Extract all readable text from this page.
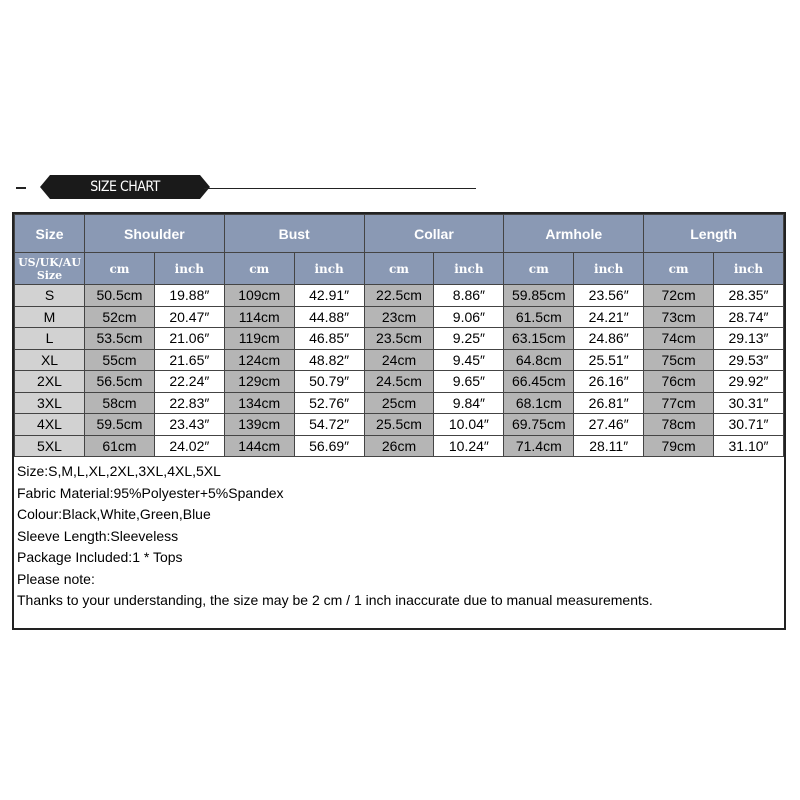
SIZE CHART
Size	Shoulder		Bust		Collar		Armhole		Length	
US/UK/AU Size	cm	inch	cm	inch	cm	inch	cm	inch	cm	inch
S	50.5cm	19.88″	109cm	42.91″	22.5cm	8.86″	59.85cm	23.56″	72cm	28.35″
M	52cm	20.47″	114cm	44.88″	23cm	9.06″	61.5cm	24.21″	73cm	28.74″
L	53.5cm	21.06″	119cm	46.85″	23.5cm	9.25″	63.15cm	24.86″	74cm	29.13″
XL	55cm	21.65″	124cm	48.82″	24cm	9.45″	64.8cm	25.51″	75cm	29.53″
2XL	56.5cm	22.24″	129cm	50.79″	24.5cm	9.65″	66.45cm	26.16″	76cm	29.92″
3XL	58cm	22.83″	134cm	52.76″	25cm	9.84″	68.1cm	26.81″	77cm	30.31″
4XL	59.5cm	23.43″	139cm	54.72″	25.5cm	10.04″	69.75cm	27.46″	78cm	30.71″
5XL	61cm	24.02″	144cm	56.69″	26cm	10.24″	71.4cm	28.11″	79cm	31.10″
Size:S,M,L,XL,2XL,3XL,4XL,5XL
Fabric Material:95%Polyester+5%Spandex
Colour:Black,White,Green,Blue
Sleeve Length:Sleeveless
Package Included:1 * Tops
Please note:
Thanks to your understanding, the size may be 2 cm / 1 inch inaccurate due to manual measurements.
